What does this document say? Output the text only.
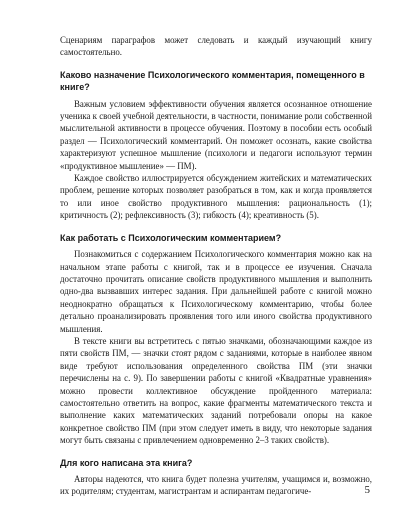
Сценариям параграфов может следовать и каждый изучающий книгу самостоятельно.

Каково назначение Психологического комментария, помещенного в книге?

Важным условием эффективности обучения является осознанное отношение ученика к своей учебной деятельности, в частности, понимание роли собственной мыслительной активности в процессе обучения. Поэтому в пособии есть особый раздел — Психологический комментарий. Он поможет осознать, какие свойства характеризуют успешное мышление (психологи и педагоги используют термин «продуктивное мышление» — ПМ).

Каждое свойство иллюстрируется обсуждением житейских и математических проблем, решение которых позволяет разобраться в том, как и когда проявляется то или иное свойство продуктивного мышления: рациональность (1); критичность (2); рефлексивность (3); гибкость (4); креативность (5).

Как работать с Психологическим комментарием?

Познакомиться с содержанием Психологического комментария можно как на начальном этапе работы с книгой, так и в процессе ее изучения. Сначала достаточно прочитать описание свойств продуктивного мышления и выполнить одно-два вызвавших интерес задания. При дальнейшей работе с книгой можно неоднократно обращаться к Психологическому комментарию, чтобы более детально проанализировать проявления того или иного свойства продуктивного мышления.

В тексте книги вы встретитесь с пятью значками, обозначающими каждое из пяти свойств ПМ, — значки стоят рядом с заданиями, которые в наиболее явном виде требуют использования определенного свойства ПМ (эти значки перечислены на с. 9). По завершении работы с книгой «Квадратные уравнения» можно провести коллективное обсуждение пройденного материала: самостоятельно ответить на вопрос, какие фрагменты математического текста и выполнение каких математических заданий потребовали опоры на какое конкретное свойство ПМ (при этом следует иметь в виду, что некоторые задания могут быть связаны с привлечением одновременно 2–3 таких свойств).

Для кого написана эта книга?

Авторы надеются, что книга будет полезна учителям, учащимся и, возможно, их родителям; студентам, магистрантам и аспирантам педагогиче-	5
